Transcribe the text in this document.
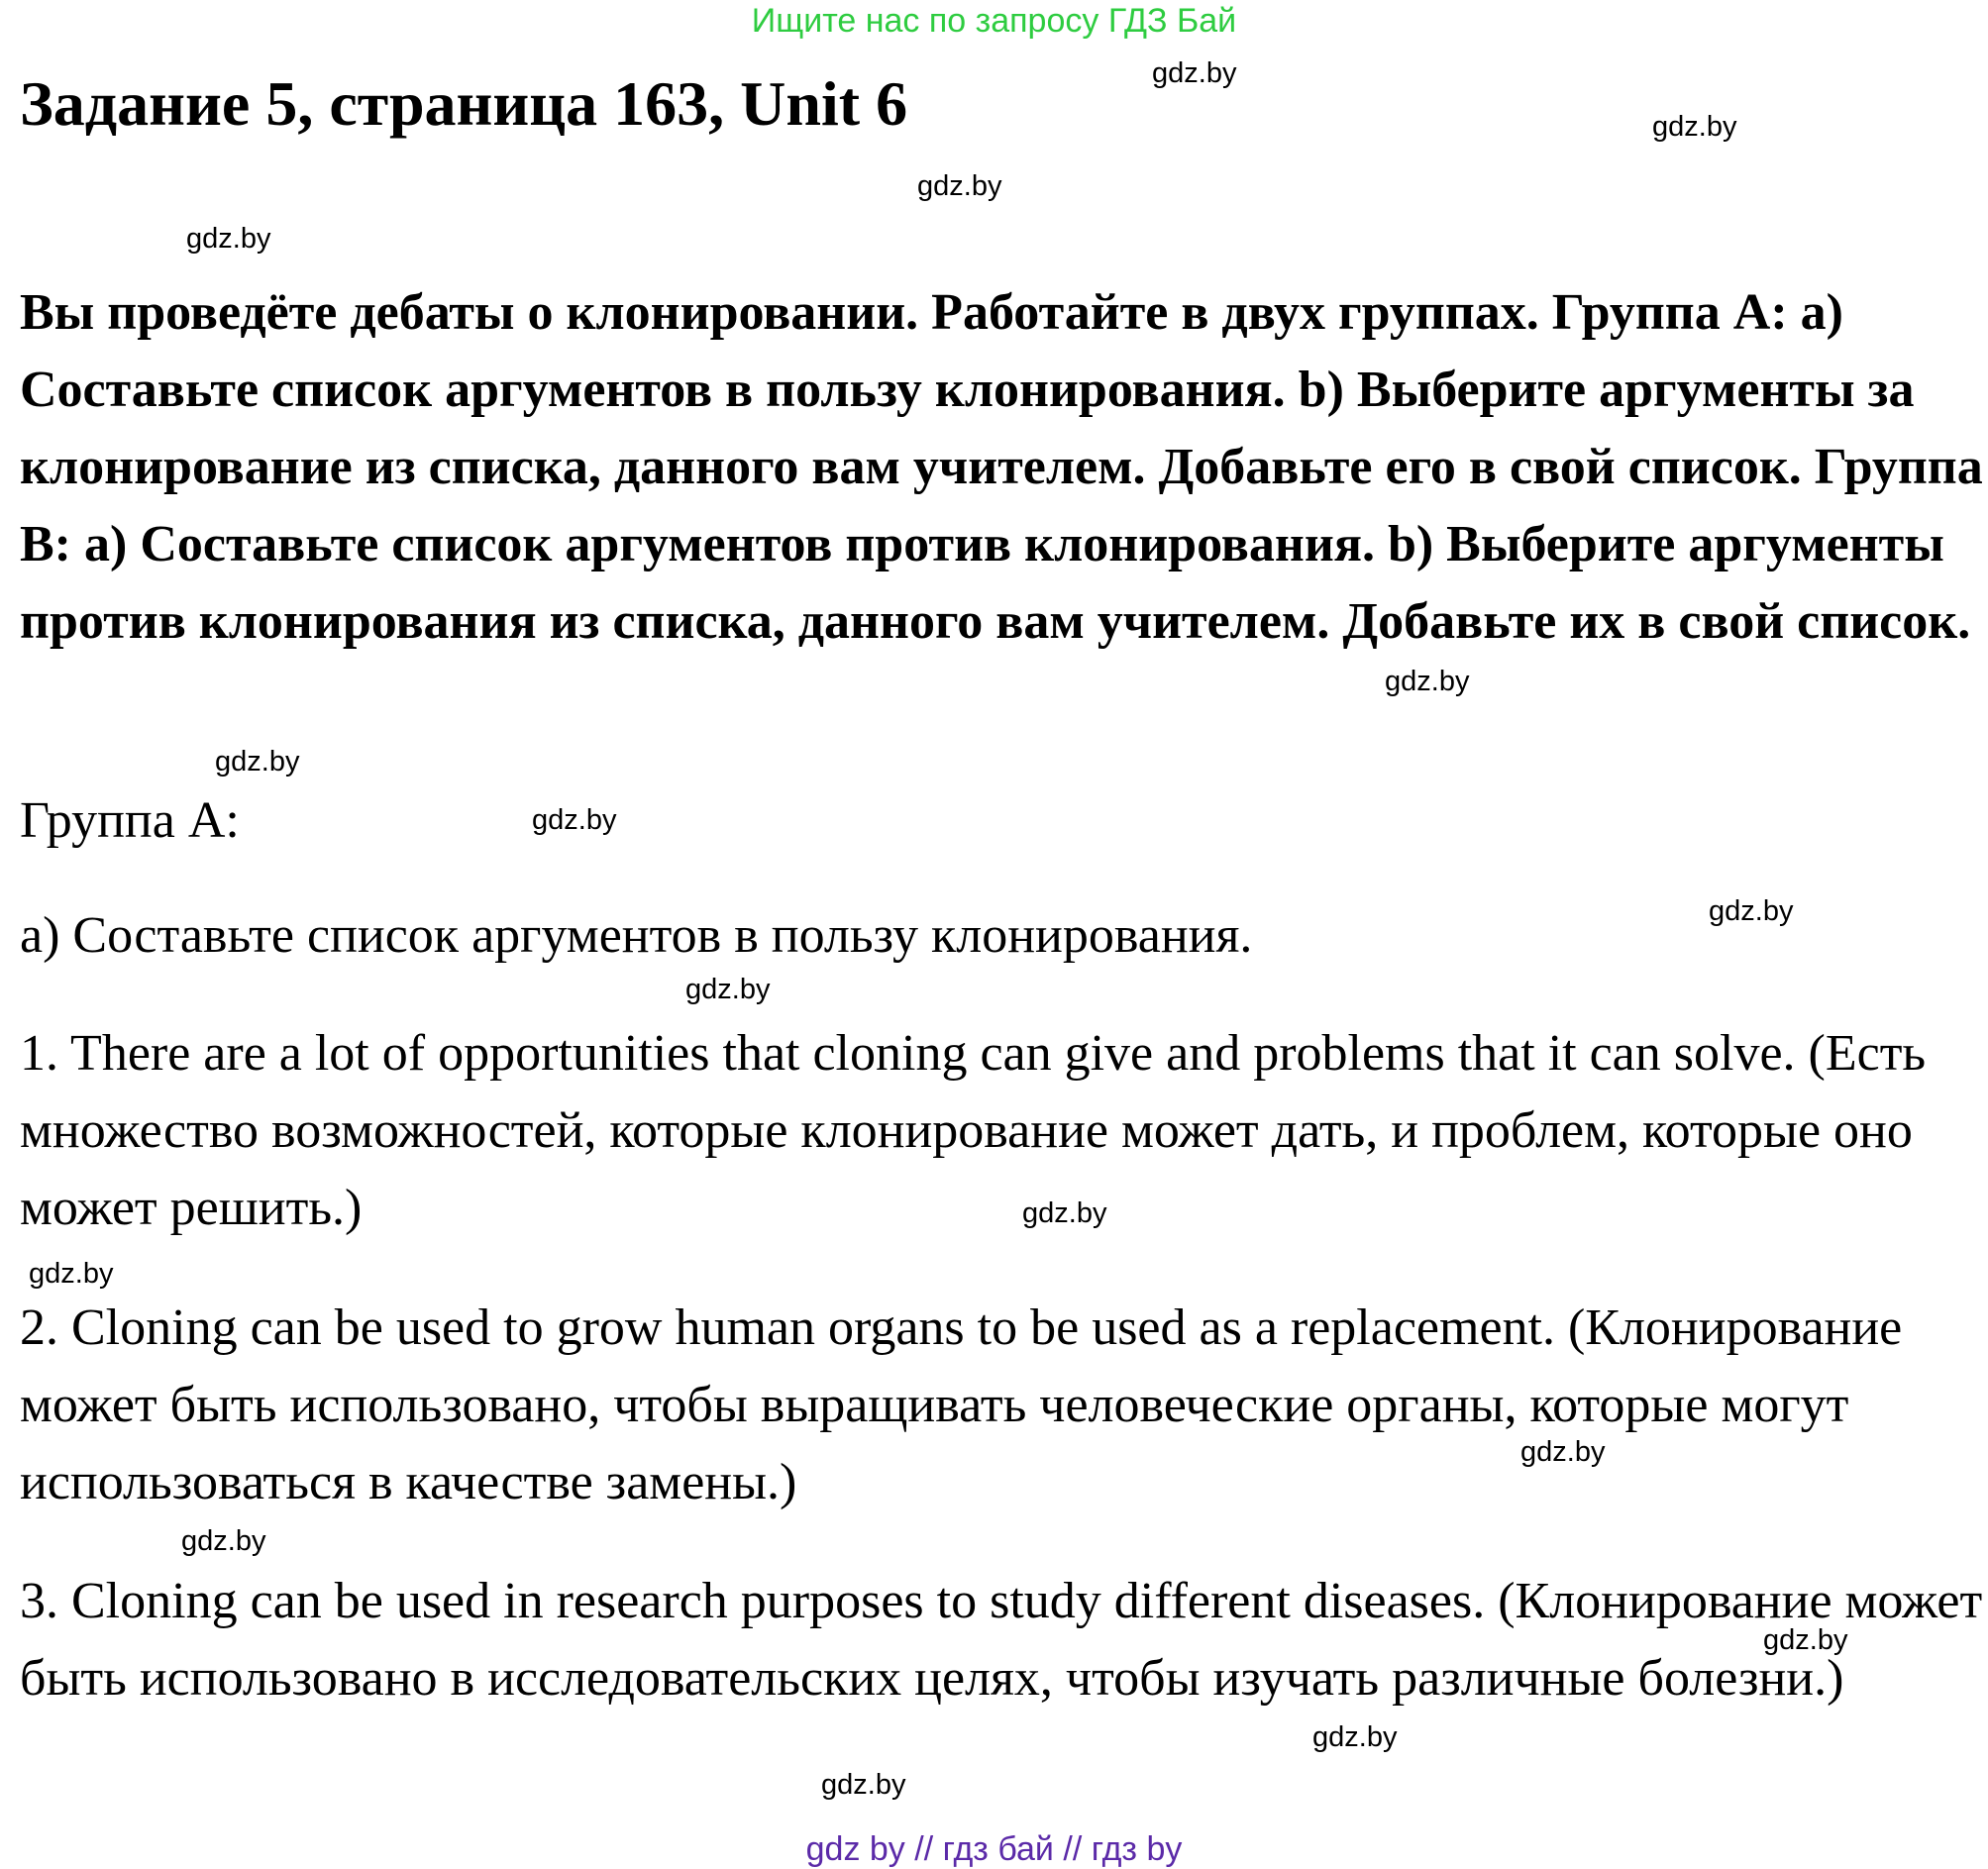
Ищите нас по запросу ГДЗ Бай
Задание 5, страница 163, Unit 6
Вы проведёте дебаты о клонировании. Работайте в двух группах. Группа A: a) Составьте список аргументов в пользу клонирования. b) Выберите аргументы за клонирование из списка, данного вам учителем. Добавьте его в свой список. Группа B: a) Составьте список аргументов против клонирования. b) Выберите аргументы против клонирования из списка, данного вам учителем. Добавьте их в свой список.
Группа А:
a) Составьте список аргументов в пользу клонирования.
1. There are a lot of opportunities that cloning can give and problems that it can solve. (Есть множество возможностей, которые клонирование может дать, и проблем, которые оно может решить.)
2. Cloning can be used to grow human organs to be used as a replacement. (Клонирование может быть использовано, чтобы выращивать человеческие органы, которые могут использоваться в качестве замены.)
3. Cloning can be used in research purposes to study different diseases. (Клонирование может быть использовано в исследовательских целях, чтобы изучать различные болезни.)
gdz.by
gdz.by
gdz.by
gdz.by
gdz.by
gdz.by
gdz.by
gdz.by
gdz.by
gdz.by
gdz.by
gdz.by
gdz.by
gdz.by
gdz.by
gdz.by
gdz by // гдз бай // гдз by
